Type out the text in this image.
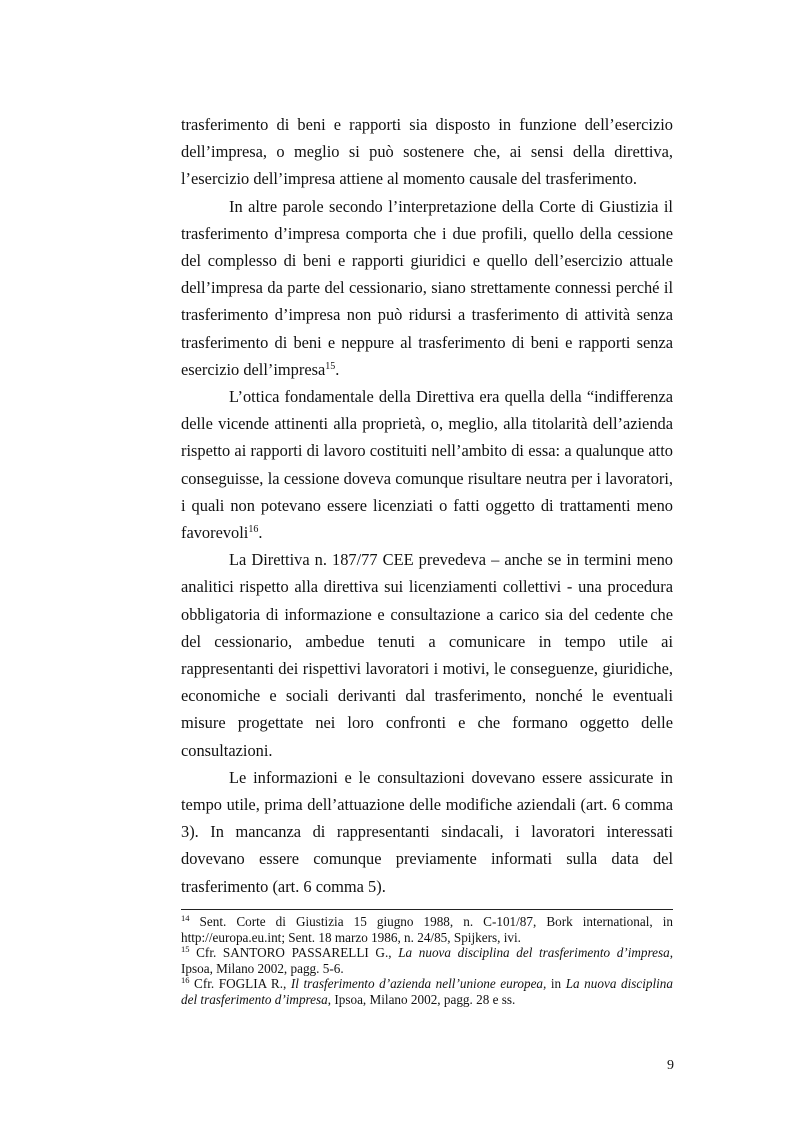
trasferimento di beni e rapporti sia disposto in funzione dell’esercizio dell’impresa, o meglio si può sostenere che, ai sensi della direttiva, l’esercizio dell’impresa attiene al momento causale del trasferimento.

In altre parole secondo l’interpretazione della Corte di Giustizia il trasferimento d’impresa comporta che i due profili, quello della cessione del complesso di beni e rapporti giuridici e quello dell’esercizio attuale dell’impresa da parte del cessionario, siano strettamente connessi perché il trasferimento d’impresa non può ridursi a trasferimento di attività senza trasferimento di beni e neppure al trasferimento di beni e rapporti senza esercizio dell’impresa$^{15}$.

L’ottica fondamentale della Direttiva era quella della “indifferenza delle vicende attinenti alla proprietà, o, meglio, alla titolarità dell’azienda rispetto ai rapporti di lavoro costituiti nell’ambito di essa: a qualunque atto conseguisse, la cessione doveva comunque risultare neutra per i lavoratori, i quali non potevano essere licenziati o fatti oggetto di trattamenti meno favorevoli$^{16}$.

La Direttiva n. 187/77 CEE prevedeva – anche se in termini meno analitici rispetto alla direttiva sui licenziamenti collettivi - una procedura obbligatoria di informazione e consultazione a carico sia del cedente che del cessionario, ambedue tenuti a comunicare in tempo utile ai rappresentanti dei rispettivi lavoratori i motivi, le conseguenze, giuridiche, economiche e sociali derivanti dal trasferimento, nonché le eventuali misure progettate nei loro confronti e che formano oggetto delle consultazioni.

Le informazioni e le consultazioni dovevano essere assicurate in tempo utile, prima dell’attuazione delle modifiche aziendali (art. 6 comma 3). In mancanza di rappresentanti sindacali, i lavoratori interessati dovevano essere comunque previamente informati sulla data del trasferimento (art. 6 comma 5).

$^{14}$ Sent. Corte di Giustizia 15 giugno 1988, n. C-101/87, Bork international, in http://europa.eu.int; Sent. 18 marzo 1986, n. 24/85, Spijkers, ivi.

$^{15}$ Cfr. SANTORO PASSARELLI G., La nuova disciplina del trasferimento d’impresa, Ipsoa, Milano 2002, pagg. 5-6.

$^{16}$ Cfr. FOGLIA R., Il trasferimento d’azienda nell’unione europea, in La nuova disciplina del trasferimento d’impresa, Ipsoa, Milano 2002, pagg. 28 e ss.

9
